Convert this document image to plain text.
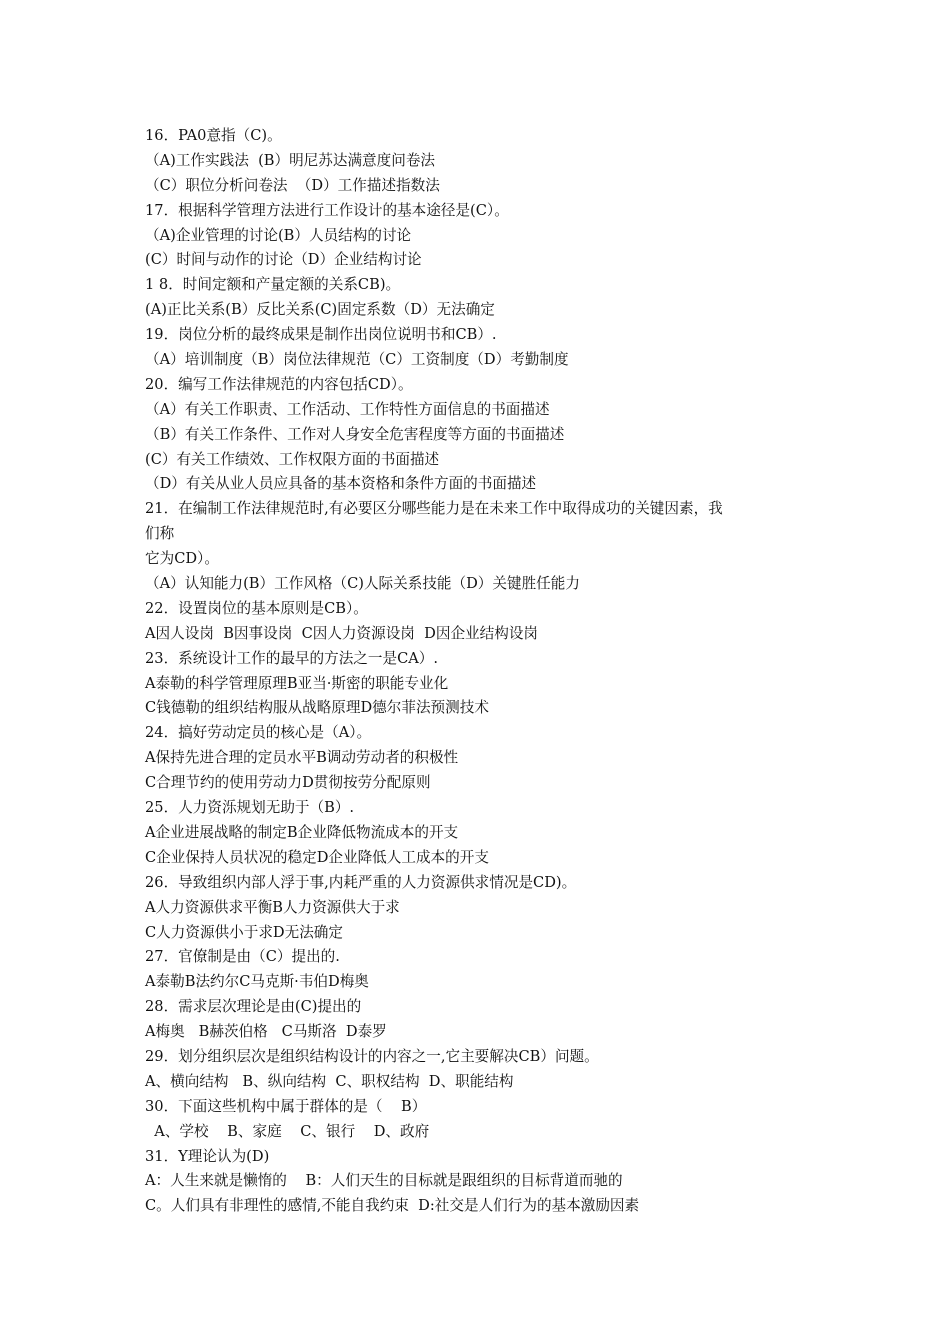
16．PA0意指（C)。
（A)工作实践法  (B）明尼苏达满意度问卷法
（C）职位分析问卷法  （D）工作描述指数法
17．根据科学管理方法进行工作设计的基本途径是(C）。
（A)企业管理的讨论(B）人员结构的讨论
(C）时间与动作的讨论（D）企业结构讨论
1 8．时间定额和产量定额的关系CB)。
(A)正比关系(B）反比关系(C)固定系数（D）无法确定
19．岗位分析的最终成果是制作出岗位说明书和CB）.
（A）培训制度（B）岗位法律规范（C）工资制度（D）考勤制度
20．编写工作法律规范的内容包括CD）。
（A）有关工作职责、工作活动、工作特性方面信息的书面描述
（B）有关工作条件、工作对人身安全危害程度等方面的书面描述
(C）有关工作绩效、工作权限方面的书面描述
（D）有关从业人员应具备的基本资格和条件方面的书面描述
21．在编制工作法律规范时,有必要区分哪些能力是在未来工作中取得成功的关键因素，我
们称
它为CD）。
（A）认知能力(B）工作风格（C)人际关系技能（D）关键胜任能力
22．设置岗位的基本原则是CB）。
A因人设岗  B因事设岗  C因人力资源设岗  D因企业结构设岗
23．系统设计工作的最早的方法之一是CA）.
A泰勒的科学管理原理B亚当·斯密的职能专业化
C钱德勒的组织结构服从战略原理D德尔菲法预测技术
24．搞好劳动定员的核心是（A）。
A保持先进合理的定员水平B调动劳动者的积极性
C合理节约的使用劳动力D贯彻按劳分配原则
25．人力资泺规划无助于（B）.
A企业进展战略的制定B企业降低物流成本的开支
C企业保持人员状况的稳定D企业降低人工成本的开支
26．导致组织内部人浮于事,内耗严重的人力资源供求情况是CD)。
A人力资源供求平衡B人力资源供大于求
C人力资源供小于求D无法确定
27．官僚制是由（C）提出的.
A泰勒B法约尔C马克斯·韦伯D梅奥
28．需求层次理论是由(C)提出的
A梅奥   B赫茨伯格   C马斯洛  D泰罗
29．划分组织层次是组织结构设计的内容之一,它主要解决CB）问题。
A、横向结构   B、纵向结构  C、职权结构  D、职能结构
30．下面这些机构中属于群体的是（    B）
A、学校    B、家庭    C、银行    D、政府
31．Y理论认为(D)
A：人生来就是懒惰的    B：人们天生的目标就是跟组织的目标背道而驰的
C。人们具有非理性的感情,不能自我约束  D:社交是人们行为的基本激励因素
